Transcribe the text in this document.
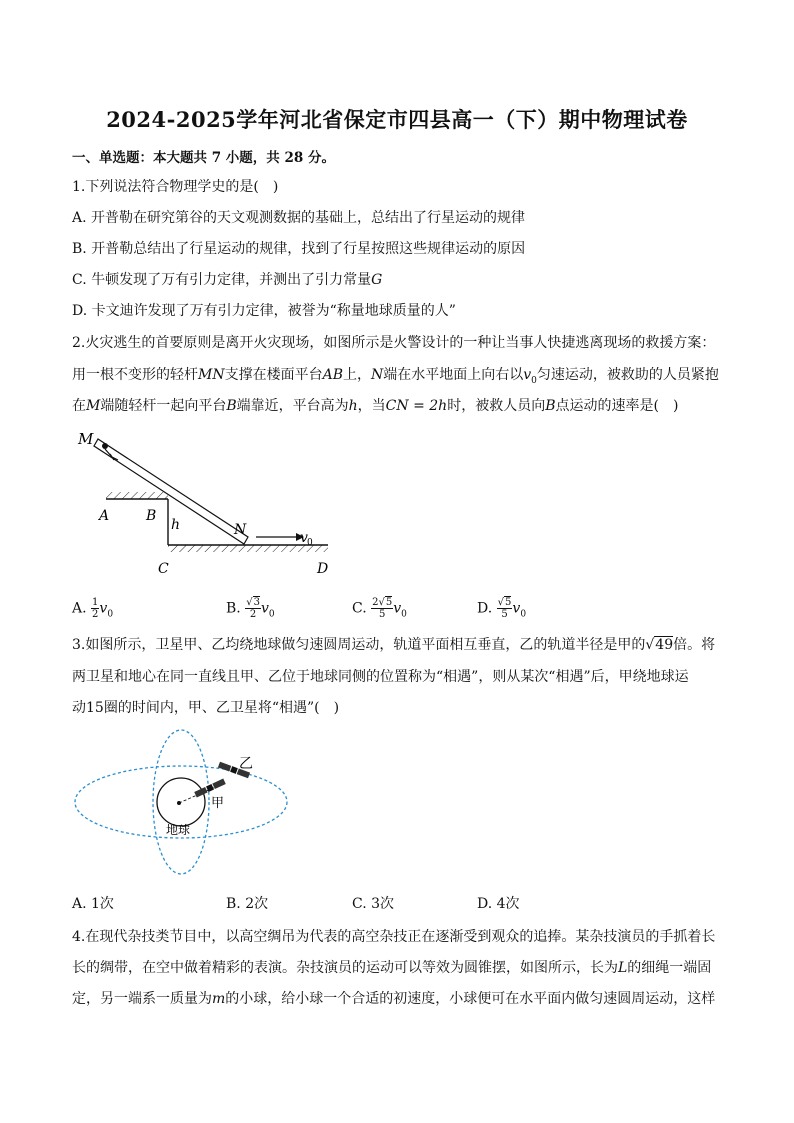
2024-2025学年河北省保定市四县高一（下）期中物理试卷
一、单选题：本大题共 7 小题，共 28 分。
1.下列说法符合物理学史的是(　)
A. 开普勒在研究第谷的天文观测数据的基础上，总结出了行星运动的规律
B. 开普勒总结出了行星运动的规律，找到了行星按照这些规律运动的原因
C. 牛顿发现了万有引力定律，并测出了引力常量G
D. 卡文迪许发现了万有引力定律，被誉为“称量地球质量的人”
2.火灾逃生的首要原则是离开火灾现场，如图所示是火警设计的一种让当事人快捷逃离现场的救援方案：
用一根不变形的轻杆MN支撑在楼面平台AB上，N端在水平地面上向右以$v_0$匀速运动，被救助的人员紧抱
在M端随轻杆一起向平台B端靠近，平台高为h，当CN = 2h时，被救人员向B点运动的速率是(　)
M
A	B
h	N	v 0
C	D
A. $\frac{1}{2} v_0$	B. $\frac{√3}{2} v_0$	C. $\frac{2√5}{5} v_0$	D. $\frac{√5}{5} v_0$
3.如图所示，卫星甲、乙均绕地球做匀速圆周运动，轨道平面相互垂直，乙的轨道半径是甲的√49倍。将
两卫星和地心在同一直线且甲、乙位于地球同侧的位置称为“相遇”，则从某次“相遇”后，甲绕地球运
动15圈的时间内，甲、乙卫星将“相遇”(　)
乙
甲
地球
A. 1次	B. 2次	C. 3次	D. 4次
4.在现代杂技类节目中，以高空绸吊为代表的高空杂技正在逐渐受到观众的追捧。某杂技演员的手抓着长
长的绸带，在空中做着精彩的表演。杂技演员的运动可以等效为圆锥摆，如图所示，长为L的细绳一端固
定，另一端系一质量为m的小球，给小球一个合适的初速度，小球便可在水平面内做匀速圆周运动，这样
